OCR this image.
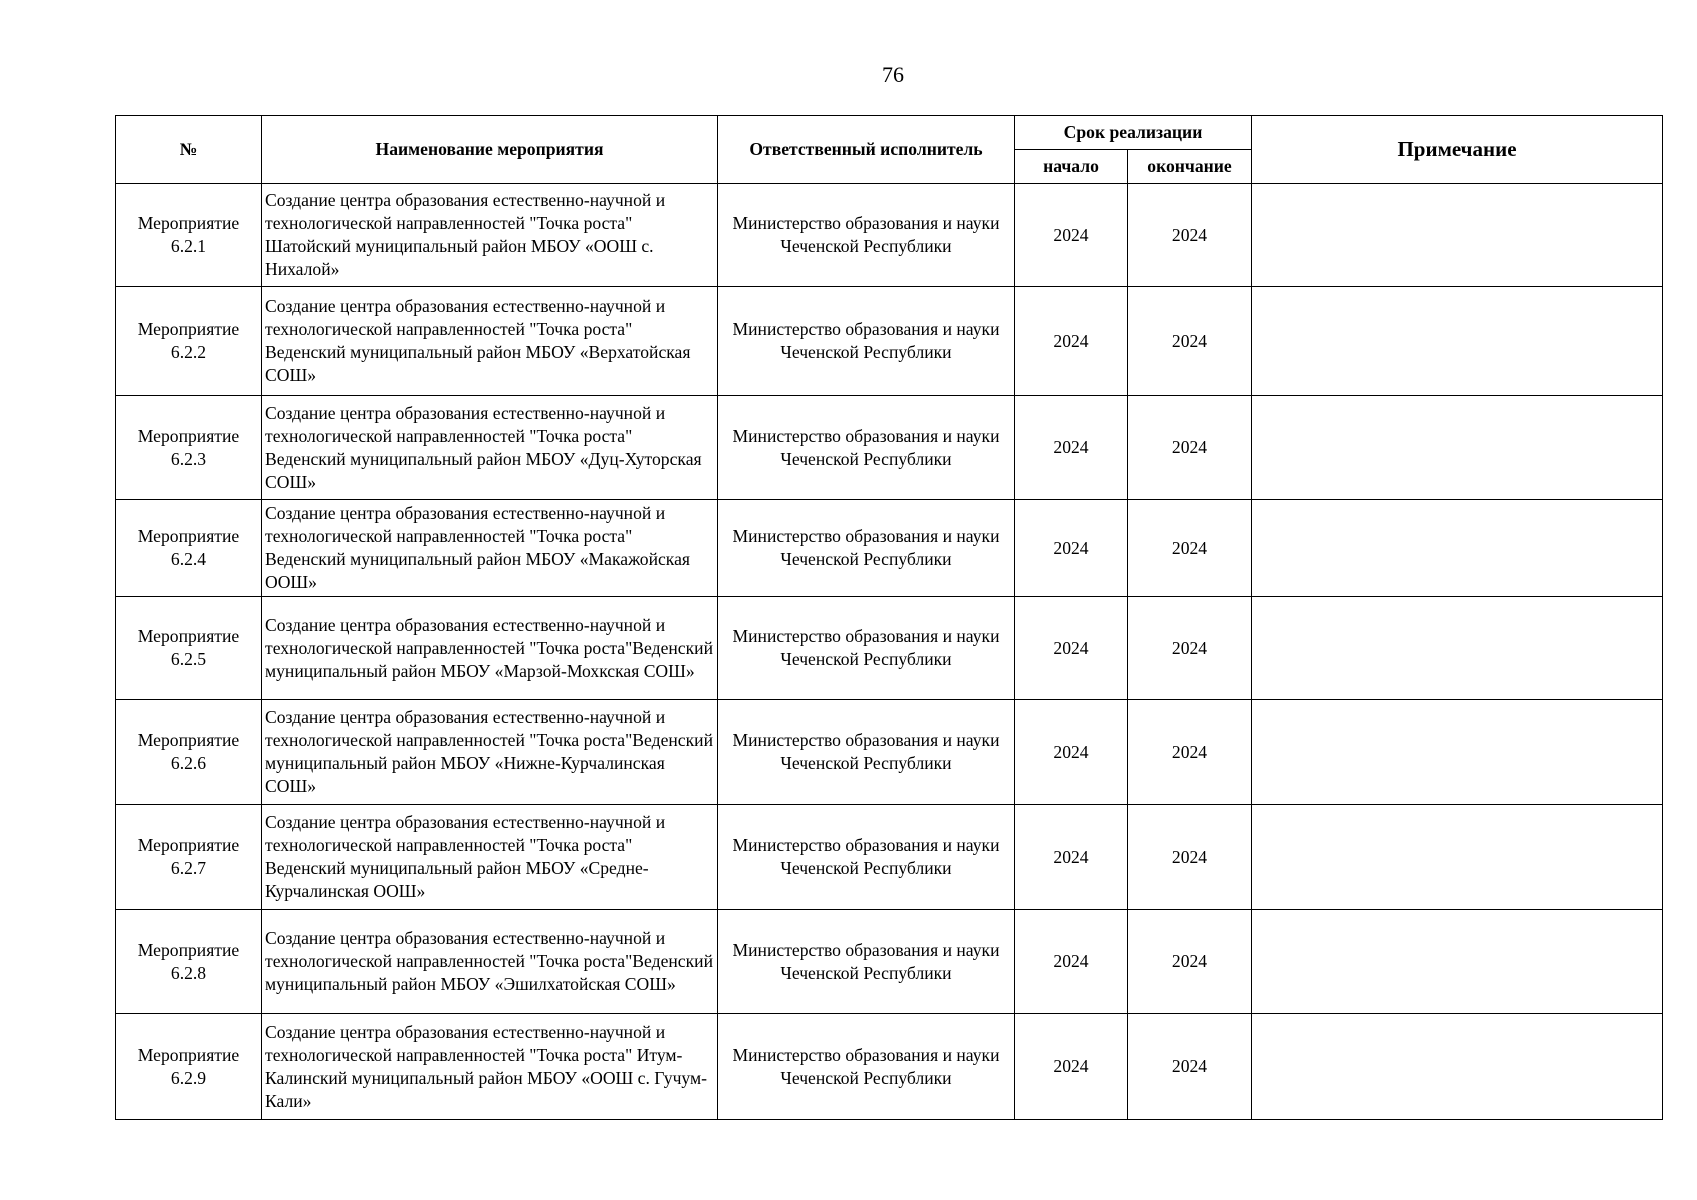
76
№	Наименование мероприятия	Ответственный исполнитель	Срок реализации		Примечание
			начало	окончание	
Мероприятие 6.2.1	Создание центра образования естественно-научной и технологической направленностей "Точка роста" Шатойский муниципальный район МБОУ «ООШ с. Нихалой»	Министерство образования и науки Чеченской Республики	2024	2024	
Мероприятие 6.2.2	Создание центра образования естественно-научной и технологической направленностей "Точка роста" Веденский муниципальный район МБОУ «Верхатойская СОШ»	Министерство образования и науки Чеченской Республики	2024	2024	
Мероприятие 6.2.3	Создание центра образования естественно-научной и технологической направленностей "Точка роста" Веденский муниципальный район МБОУ «Дуц-Хуторская СОШ»	Министерство образования и науки Чеченской Республики	2024	2024	
Мероприятие 6.2.4	Создание центра образования естественно-научной и технологической направленностей "Точка роста" Веденский муниципальный район МБОУ «Макажойская ООШ»	Министерство образования и науки Чеченской Республики	2024	2024	
Мероприятие 6.2.5	Создание центра образования естественно-научной и технологической направленностей "Точка роста"Веденский муниципальный район МБОУ «Марзой-Мохкская СОШ»	Министерство образования и науки Чеченской Республики	2024	2024	
Мероприятие 6.2.6	Создание центра образования естественно-научной и технологической направленностей "Точка роста"Веденский муниципальный район МБОУ «Нижне-Курчалинская СОШ»	Министерство образования и науки Чеченской Республики	2024	2024	
Мероприятие 6.2.7	Создание центра образования естественно-научной и технологической направленностей "Точка роста" Веденский муниципальный район МБОУ «Средне-Курчалинская ООШ»	Министерство образования и науки Чеченской Республики	2024	2024	
Мероприятие 6.2.8	Создание центра образования естественно-научной и технологической направленностей "Точка роста"Веденский муниципальный район МБОУ «Эшилхатойская СОШ»	Министерство образования и науки Чеченской Республики	2024	2024	
Мероприятие 6.2.9	Создание центра образования естественно-научной и технологической направленностей "Точка роста" Итум-Калинский муниципальный район МБОУ «ООШ с. Гучум-Кали»	Министерство образования и науки Чеченской Республики	2024	2024	
